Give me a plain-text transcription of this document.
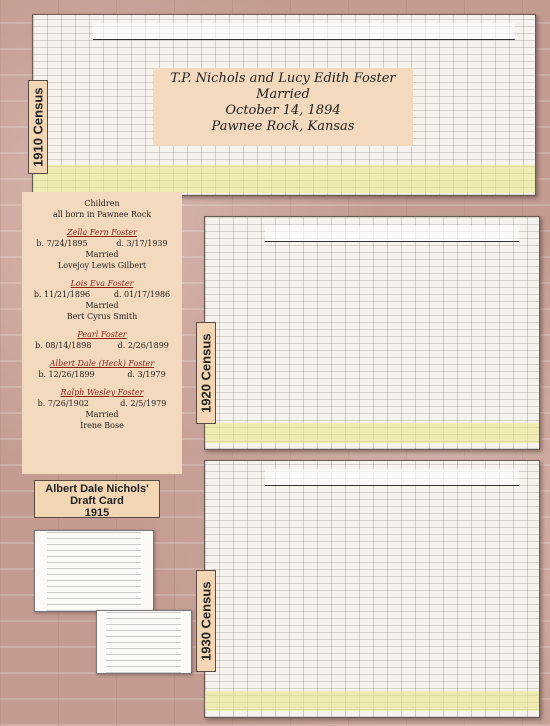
1910 Census
T.P. Nichols and Lucy Edith Foster
Married
October 14, 1894
Pawnee Rock, Kansas
Children
all born in Pawnee Rock
Zella Fern Foster
b. 7/24/1895	d. 3/17/1939
Married
Lovejoy Lewis Gilbert
Lois Eva Foster
b. 11/21/1896	d. 01/17/1986
Married
Bert Cyrus Smith
Pearl Foster
b. 08/14/1898	d. 2/26/1899
Albert Dale (Heck) Foster
b. 12/26/1899	d. 3/1979
Ralph Wesley Foster
b. 7/26/1902	d. 2/5/1979
Married
Irene Bose
1920 Census
1930 Census
Albert Dale Nichols'
Draft Card
1915
